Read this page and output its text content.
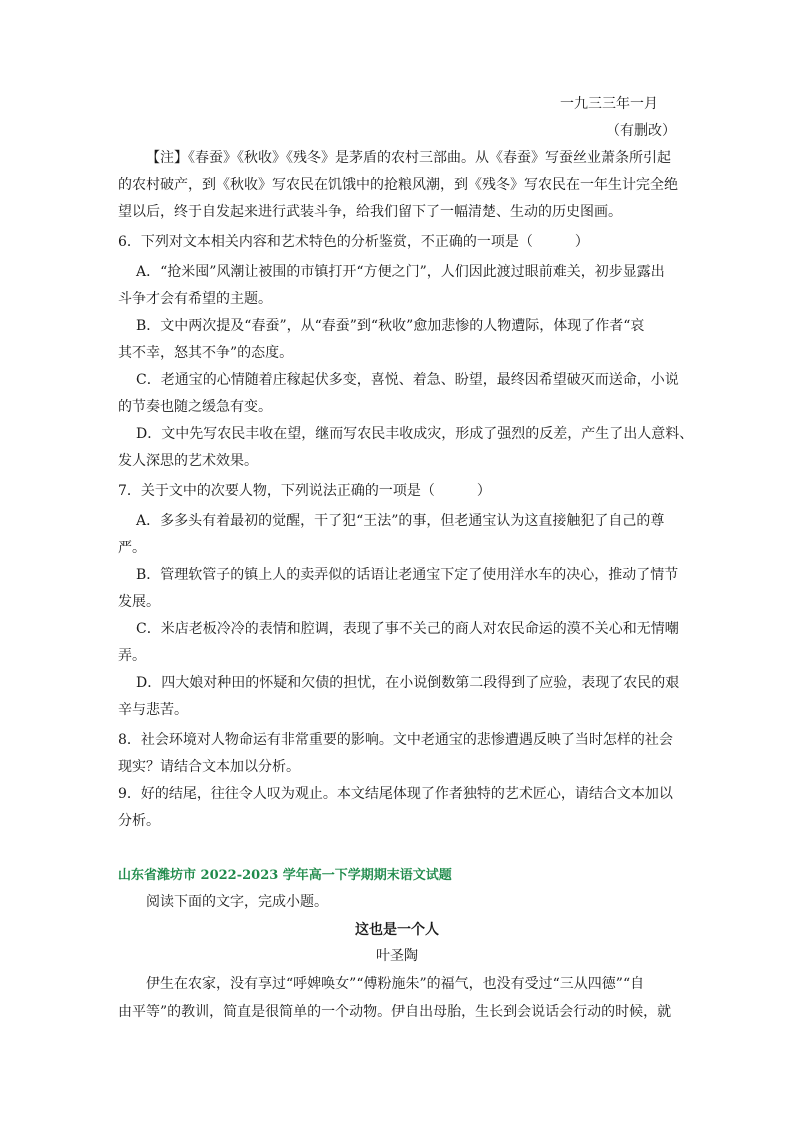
一九三三年一月
（有删改）
【注】《春蚕》《秋收》《残冬》是茅盾的农村三部曲。从《春蚕》写蚕丝业萧条所引起
的农村破产，到《秋收》写农民在饥饿中的抢粮风潮，到《残冬》写农民在一年生计完全绝
望以后，终于自发起来进行武装斗争，给我们留下了一幅清楚、生动的历史图画。
6．下列对文本相关内容和艺术特色的分析鉴赏，不正确的一项是（　　　）
A．“抢米囤”风潮让被围的市镇打开“方便之门”，人们因此渡过眼前难关，初步显露出
斗争才会有希望的主题。
B．文中两次提及“春蚕”，从“春蚕”到“秋收”愈加悲惨的人物遭际，体现了作者“哀
其不幸，怒其不争”的态度。
C．老通宝的心情随着庄稼起伏多变，喜悦、着急、盼望，最终因希望破灭而送命，小说
的节奏也随之缓急有变。
D．文中先写农民丰收在望，继而写农民丰收成灾，形成了强烈的反差，产生了出人意料、
发人深思的艺术效果。
7．关于文中的次要人物，下列说法正确的一项是（　　　）
A．多多头有着最初的觉醒，干了犯“王法”的事，但老通宝认为这直接触犯了自己的尊
严。
B．管理软管子的镇上人的卖弄似的话语让老通宝下定了使用洋水车的决心，推动了情节
发展。
C．米店老板冷冷的表情和腔调，表现了事不关己的商人对农民命运的漠不关心和无情嘲
弄。
D．四大娘对种田的怀疑和欠债的担忧，在小说倒数第二段得到了应验，表现了农民的艰
辛与悲苦。
8．社会环境对人物命运有非常重要的影响。文中老通宝的悲惨遭遇反映了当时怎样的社会
现实？请结合文本加以分析。
9．好的结尾，往往令人叹为观止。本文结尾体现了作者独特的艺术匠心，请结合文本加以
分析。
山东省潍坊市 2022-2023 学年高一下学期期末语文试题
阅读下面的文字，完成小题。
这也是一个人
叶圣陶
伊生在农家，没有享过“呼婢唤女”“傅粉施朱”的福气，也没有受过“三从四德”“自
由平等”的教训，简直是很简单的一个动物。伊自出母胎，生长到会说话会行动的时候，就
